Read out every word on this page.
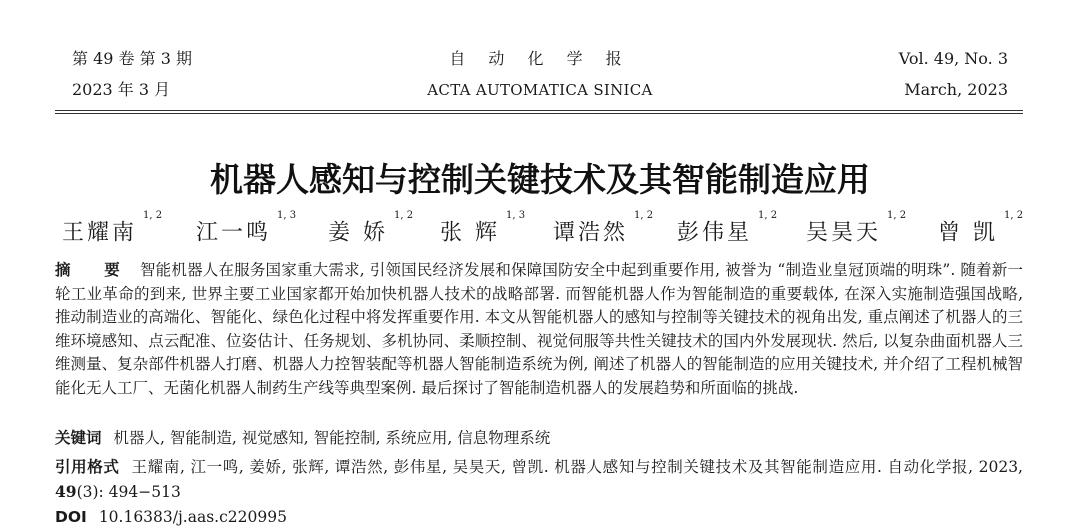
第 49 卷 第 3 期
2023 年 3 月
自 动 化 学 报
ACTA AUTOMATICA SINICA
Vol. 49, No. 3
March, 2023
机器人感知与控制关键技术及其智能制造应用
王耀南$^{1, 2}$
江一鸣$^{1, 3}$
姜 娇$^{1, 2}$
张 辉$^{1, 3}$
谭浩然$^{1, 2}$
彭伟星$^{1, 2}$
吴昊天$^{1, 2}$
曾 凯$^{1, 2}$
摘 要 智能机器人在服务国家重大需求, 引领国民经济发展和保障国防安全中起到重要作用, 被誉为 “制造业皇冠顶端的明珠”. 随着新一轮工业革命的到来, 世界主要工业国家都开始加快机器人技术的战略部署. 而智能机器人作为智能制造的重要载体, 在深入实施制造强国战略, 推动制造业的高端化、智能化、绿色化过程中将发挥重要作用. 本文从智能机器人的感知与控制等关键技术的视角出发, 重点阐述了机器人的三维环境感知、点云配准、位姿估计、任务规划、多机协同、柔顺控制、视觉伺服等共性关键技术的国内外发展现状. 然后, 以复杂曲面机器人三维测量、复杂部件机器人打磨、机器人力控智装配等机器人智能制造系统为例, 阐述了机器人的智能制造的应用关键技术, 并介绍了工程机械智能化无人工厂、无菌化机器人制药生产线等典型案例. 最后探讨了智能制造机器人的发展趋势和所面临的挑战.
关键词 机器人, 智能制造, 视觉感知, 智能控制, 系统应用, 信息物理系统
引用格式 王耀南, 江一鸣, 姜娇, 张辉, 谭浩然, 彭伟星, 吴昊天, 曾凯. 机器人感知与控制关键技术及其智能制造应用. 自动化学报, 2023, 49(3): 494−513
DOI 10.16383/j.aas.c220995
